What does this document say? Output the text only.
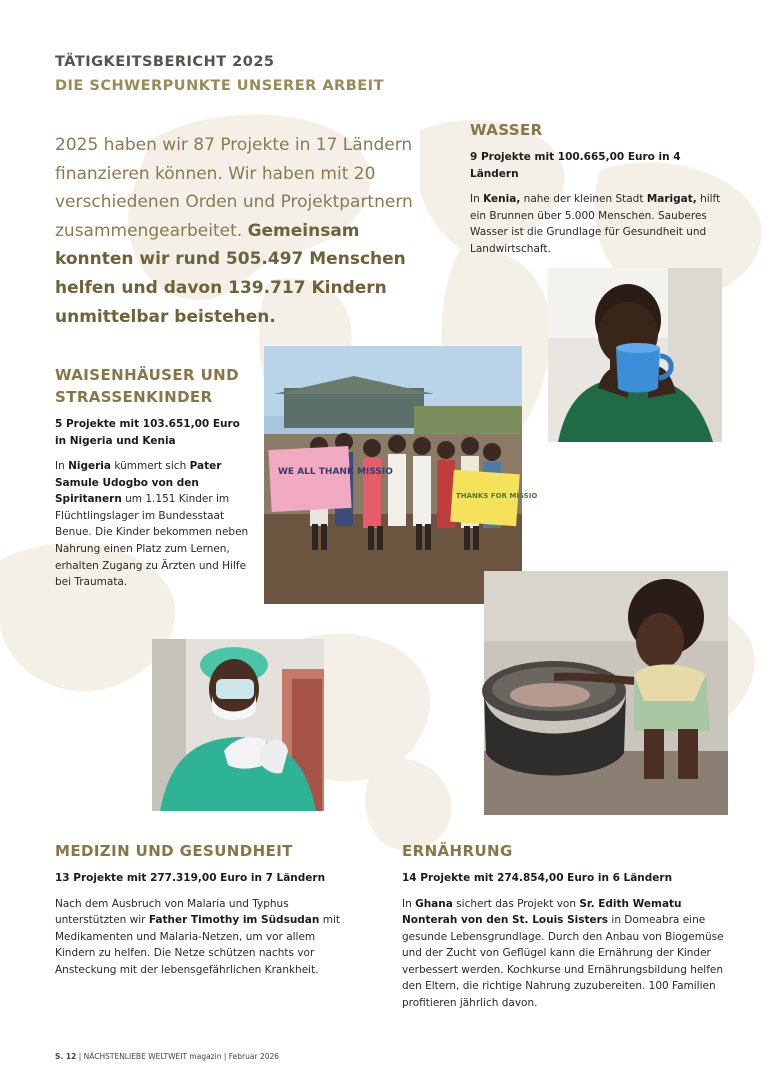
TÄTIGKEITSBERICHT 2025
DIE SCHWERPUNKTE UNSERER ARBEIT
2025 haben wir 87 Projekte in 17 Ländern finanzieren können. Wir haben mit 20 verschiedenen Orden und Projektpartnern zusammengearbeitet. Gemeinsam konnten wir rund 505.497 Menschen helfen und davon 139.717 Kindern unmittelbar beistehen.
WASSER
9 Projekte mit 100.665,00 Euro in 4 Ländern
In Kenia, nahe der kleinen Stadt Marigat, hilft ein Brunnen über 5.000 Menschen. Sauberes Wasser ist die Grundlage für Gesundheit und Landwirtschaft.
WAISENHÄUSER UND
STRASSENKINDER
5 Projekte mit 103.651,00 Euro
in Nigeria und Kenia
In Nigeria kümmert sich Pater Samule Udogbo von den Spiritanern um 1.151 Kinder im Flüchtlingslager im Bundesstaat Benue. Die Kinder bekommen neben Nahrung einen Platz zum Lernen, erhalten Zugang zu Ärzten und Hilfe bei Traumata.
MEDIZIN UND GESUNDHEIT
13 Projekte mit 277.319,00 Euro in 7 Ländern
Nach dem Ausbruch von Malaria und Typhus unterstützten wir Father Timothy im Südsudan mit Medikamenten und Malaria-Netzen, um vor allem Kindern zu helfen. Die Netze schützen nachts vor Ansteckung mit der lebensgefährlichen Krankheit.
ERNÄHRUNG
14 Projekte mit 274.854,00 Euro in 6 Ländern
In Ghana sichert das Projekt von Sr. Edith Wematu Nonterah von den St. Louis Sisters in Domeabra eine gesunde Lebensgrundlage. Durch den Anbau von Biogemüse und der Zucht von Geflügel kann die Ernährung der Kinder verbessert werden. Kochkurse und Ernährungsbildung helfen den Eltern, die richtige Nahrung zuzubereiten. 100 Familien profitieren jährlich davon.
WE ALL THANK MISSIO
THANKS FOR MISSIO
S. 12 | NÄCHSTENLIEBE WELTWEIT magazin | Februar 2026
